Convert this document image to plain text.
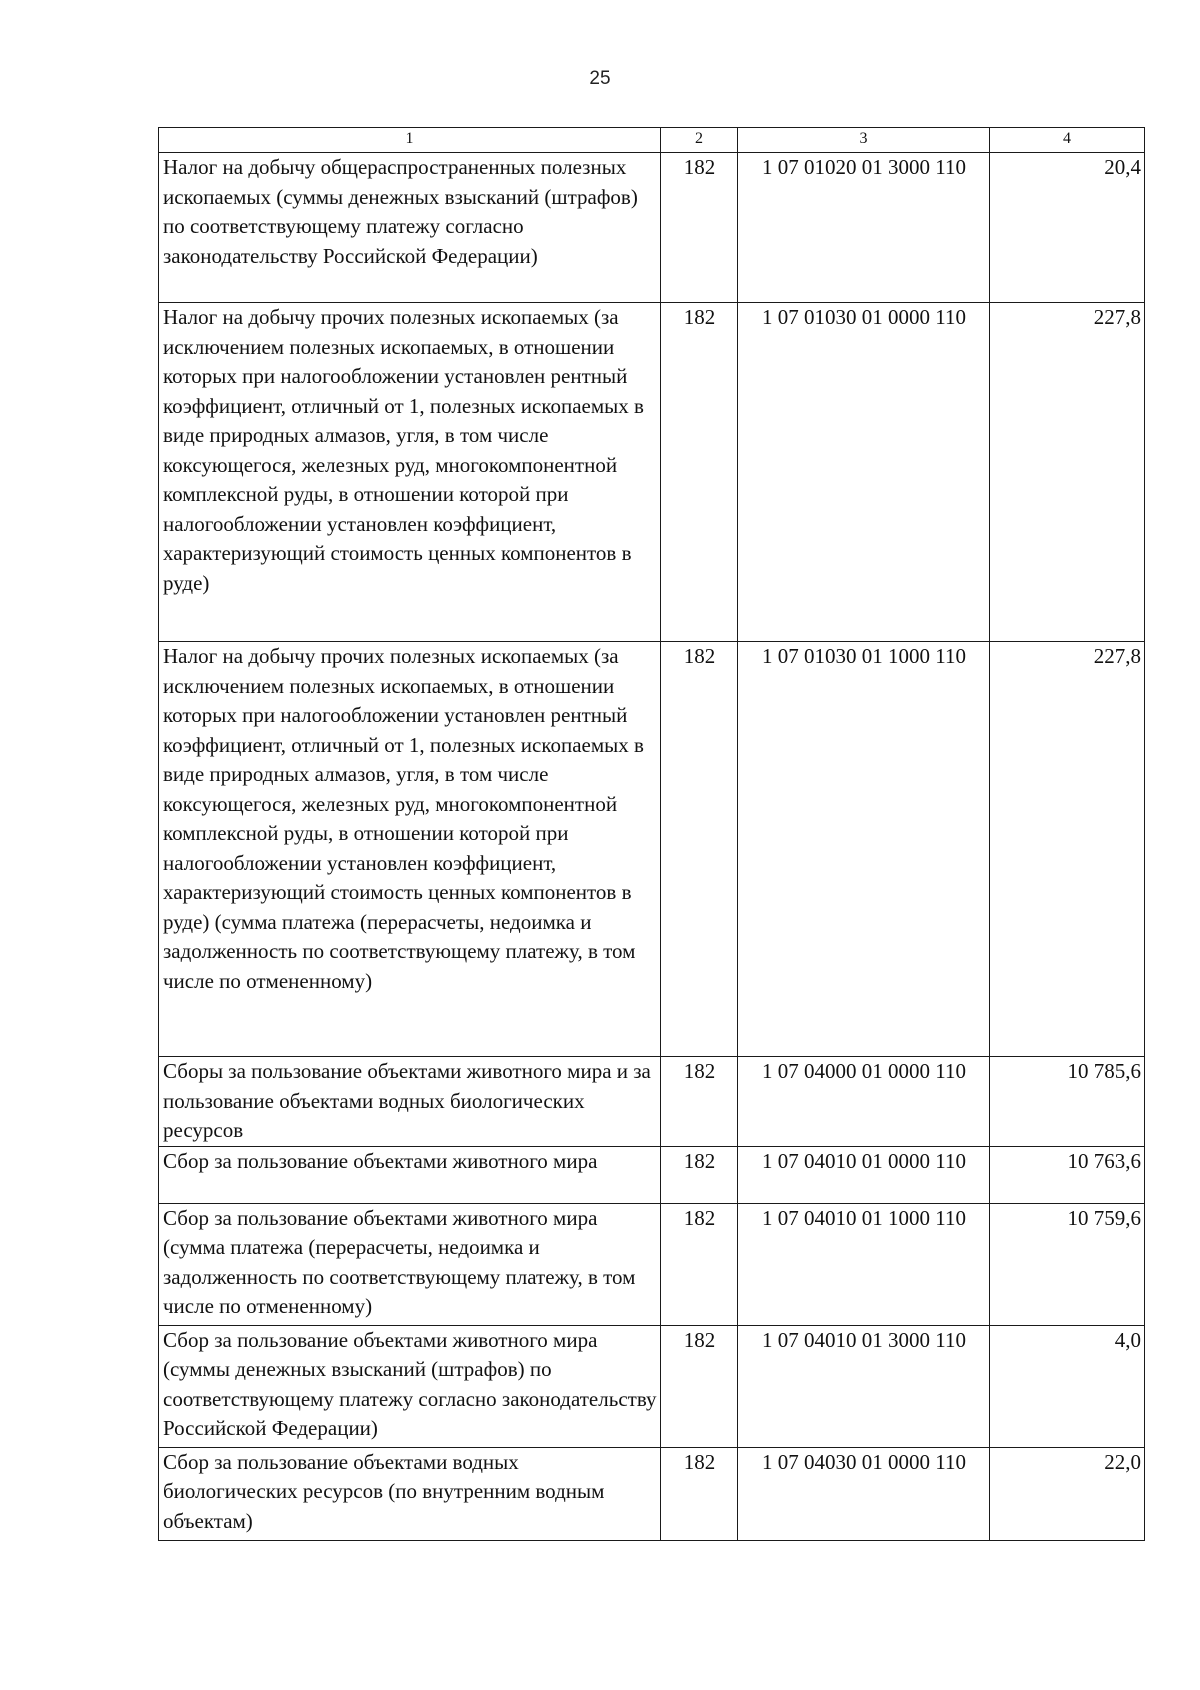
25
1	2	3	4
Налог на добычу общераспространенных полезных ископаемых (суммы денежных взысканий (штрафов) по соответствующему платежу согласно законодательству Российской Федерации)	182	1 07 01020 01 3000 110	20,4
Налог на добычу прочих полезных ископаемых (за исключением полезных ископаемых, в отношении которых при налогообложении установлен рентный коэффициент, отличный от 1, полезных ископаемых в виде природных алмазов, угля, в том числе коксующегося, железных руд, многокомпонентной комплексной руды, в отношении которой при налогообложении установлен коэффициент, характеризующий стоимость ценных компонентов в руде)	182	1 07 01030 01 0000 110	227,8
Налог на добычу прочих полезных ископаемых (за исключением полезных ископаемых, в отношении которых при налогообложении установлен рентный коэффициент, отличный от 1, полезных ископаемых в виде природных алмазов, угля, в том числе коксующегося, железных руд, многокомпонентной комплексной руды, в отношении которой при налогообложении установлен коэффициент, характеризующий стоимость ценных компонентов в руде) (сумма платежа (перерасчеты, недоимка и задолженность по соответствующему платежу, в том числе по отмененному)	182	1 07 01030 01 1000 110	227,8
Сборы за пользование объектами животного мира и за пользование объектами водных биологических ресурсов	182	1 07 04000 01 0000 110	10 785,6
Сбор за пользование объектами животного мира	182	1 07 04010 01 0000 110	10 763,6
Сбор за пользование объектами животного мира (сумма платежа (перерасчеты, недоимка и задолженность по соответствующему платежу, в том числе по отмененному)	182	1 07 04010 01 1000 110	10 759,6
Сбор за пользование объектами животного мира (суммы денежных взысканий (штрафов) по соответствующему платежу согласно законодательству Российской Федерации)	182	1 07 04010 01 3000 110	4,0
Сбор за пользование объектами водных биологических ресурсов (по внутренним водным объектам)	182	1 07 04030 01 0000 110	22,0
